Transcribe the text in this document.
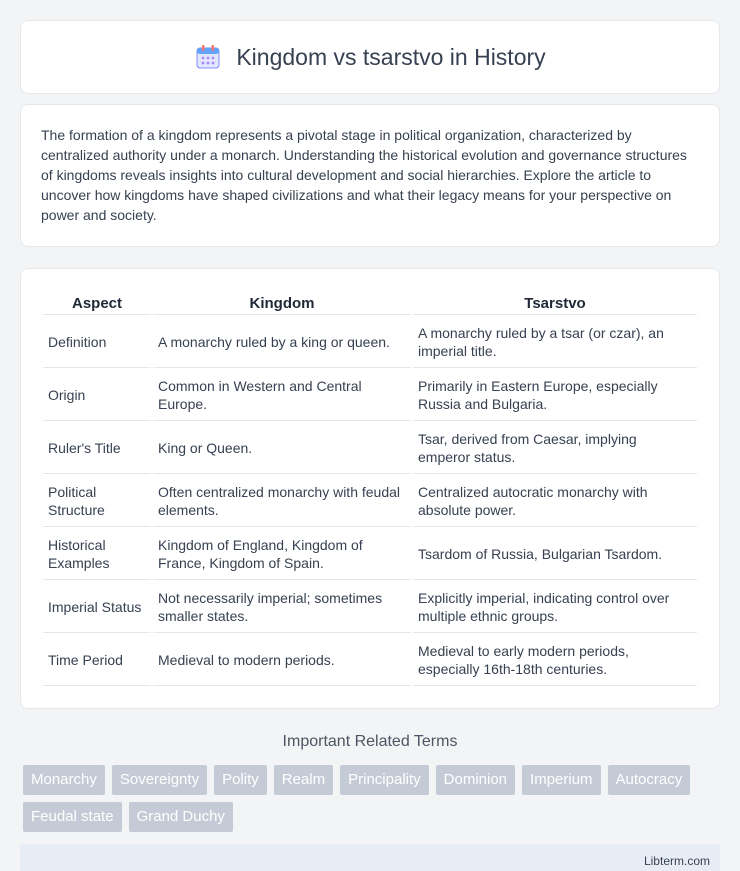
Kingdom vs tsarstvo in History

The formation of a kingdom represents a pivotal stage in political organization, characterized by centralized authority under a monarch. Understanding the historical evolution and governance structures of kingdoms reveals insights into cultural development and social hierarchies. Explore the article to uncover how kingdoms have shaped civilizations and what their legacy means for your perspective on power and society.

Aspect	Kingdom	Tsarstvo
Definition	A monarchy ruled by a king or queen.	A monarchy ruled by a tsar (or czar), an imperial title.
Origin	Common in Western and Central Europe.	Primarily in Eastern Europe, especially Russia and Bulgaria.
Ruler's Title	King or Queen.	Tsar, derived from Caesar, implying emperor status.
Political Structure	Often centralized monarchy with feudal elements.	Centralized autocratic monarchy with absolute power.
Historical Examples	Kingdom of England, Kingdom of France, Kingdom of Spain.	Tsardom of Russia, Bulgarian Tsardom.
Imperial Status	Not necessarily imperial; sometimes smaller states.	Explicitly imperial, indicating control over multiple ethnic groups.
Time Period	Medieval to modern periods.	Medieval to early modern periods, especially 16th-18th centuries.
Important Related Terms
Monarchy	Sovereignty	Polity	Realm	Principality	Dominion	Imperium	Autocracy
Feudal state	Grand Duchy
Libterm.com
